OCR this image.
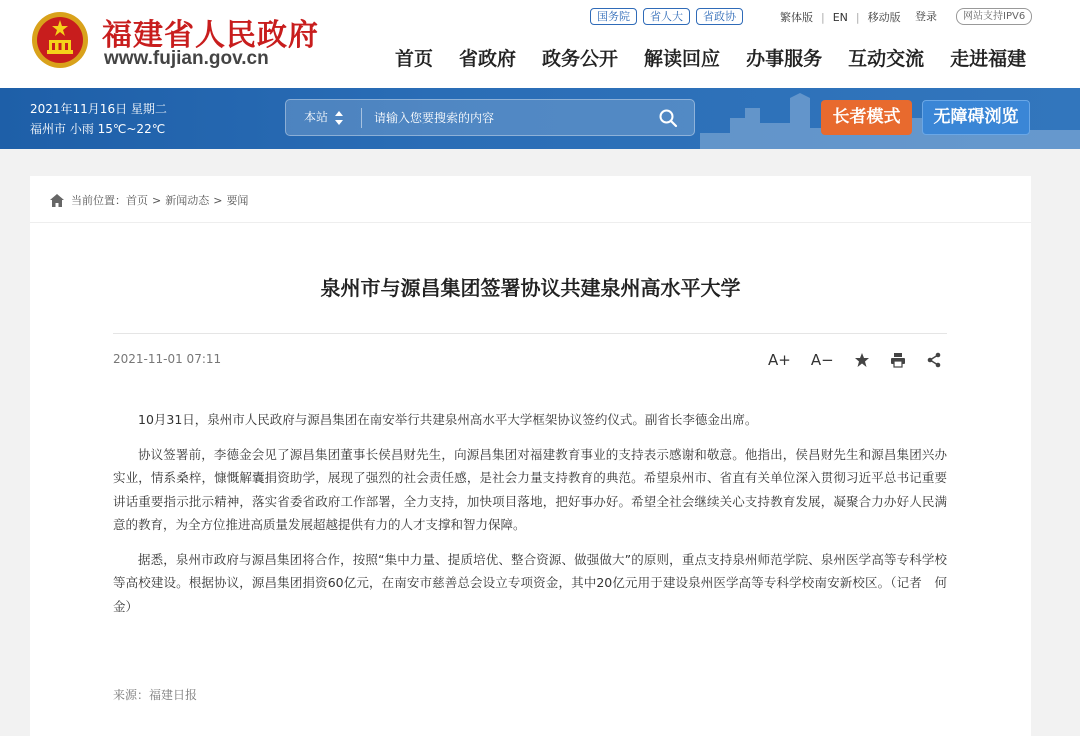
福建省人民政府
www.fujian.gov.cn
国务院	省人大	省政协	繁体版 | EN | 移动版 登录	网站支持IPV6
首页 省政府 政务公开 解读回应 办事服务 互动交流 走进福建
2021年11月16日 星期二
福州市 小雨 15℃~22℃
本站
请输入您要搜索的内容	长者模式	无障碍浏览
当前位置： 首页 > 新闻动态 > 要闻
泉州市与源昌集团签署协议共建泉州高水平大学
2021-11-01 07:11	A+ A−

10月31日，泉州市人民政府与源昌集团在南安举行共建泉州高水平大学框架协议签约仪式。副省长李德金出席。

协议签署前，李德金会见了源昌集团董事长侯昌财先生，向源昌集团对福建教育事业的支持表示感谢和敬意。他指出，侯昌财先生和源昌集团兴办实业，情系桑梓，慷慨解囊捐资助学，展现了强烈的社会责任感，是社会力量支持教育的典范。希望泉州市、省直有关单位深入贯彻习近平总书记重要讲话重要指示批示精神，落实省委省政府工作部署，全力支持，加快项目落地，把好事办好。希望全社会继续关心支持教育发展，凝聚合力办好人民满意的教育，为全方位推进高质量发展超越提供有力的人才支撑和智力保障。

据悉，泉州市政府与源昌集团将合作，按照“集中力量、提质培优、整合资源、做强做大”的原则，重点支持泉州师范学院、泉州医学高等专科学校等高校建设。根据协议，源昌集团捐资60亿元，在南安市慈善总会设立专项资金，其中20亿元用于建设泉州医学高等专科学校南安新校区。（记者　何金）

来源：福建日报
